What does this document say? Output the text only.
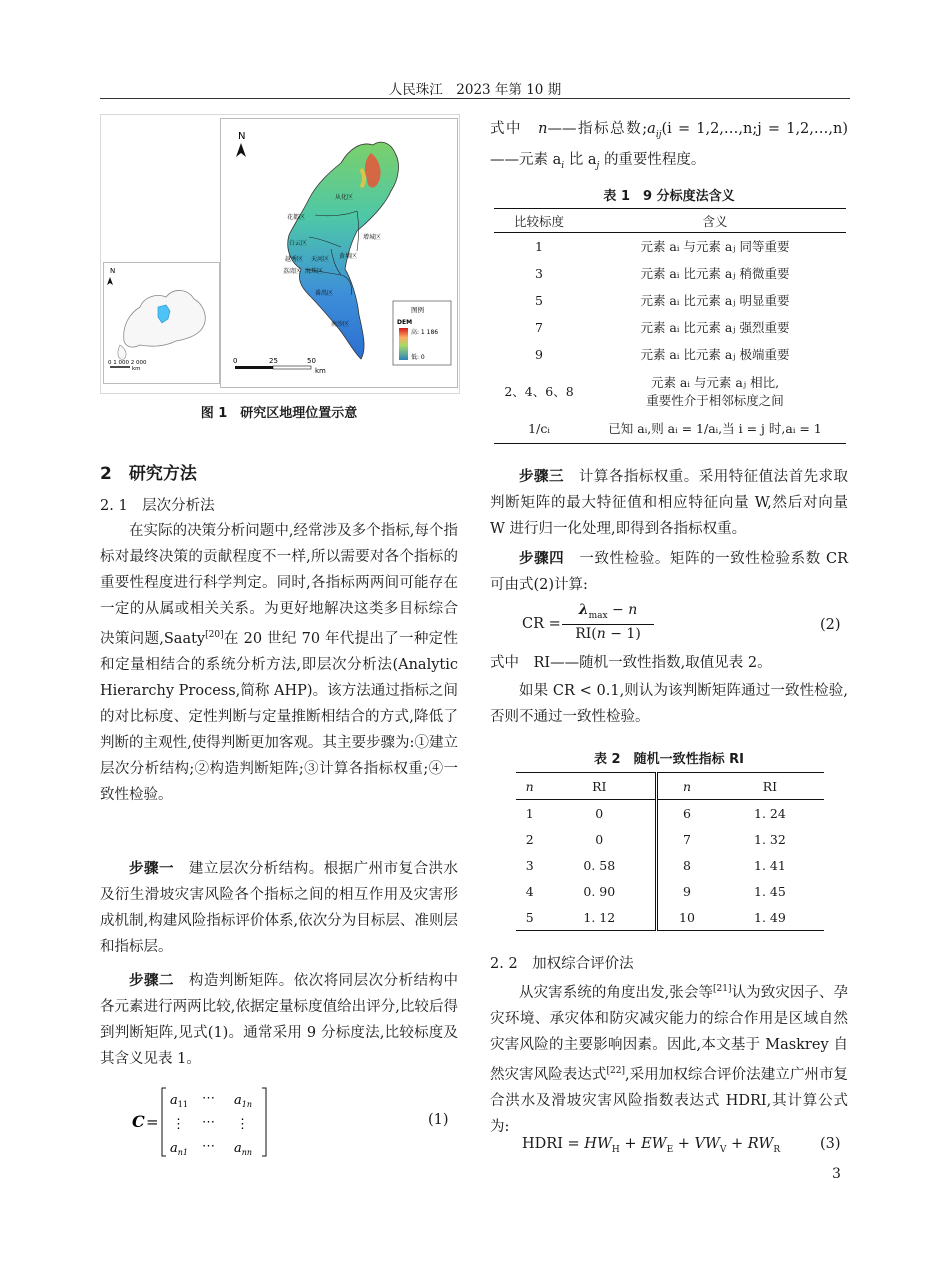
人民珠江　2023 年第 10 期
N
0 1 000 2 000
km
N
从化区
花都区
增城区
白云区
黄埔区
越秀区 天河区
荔湾区 海珠区
番禺区
南沙区
0	25	50
km
图例
DEM
高: 1 186
低: 0
图 1　研究区地理位置示意
2　研究方法
2. 1　层次分析法
在实际的决策分析问题中,经常涉及多个指标,每个指标对最终决策的贡献程度不一样,所以需要对各个指标的重要性程度进行科学判定。同时,各指标两两间可能存在一定的从属或相关关系。为更好地解决这类多目标综合决策问题,Saaty[20]在 20 世纪 70 年代提出了一种定性和定量相结合的系统分析方法,即层次分析法(Analytic Hierarchy Process,简称 AHP)。该方法通过指标之间的对比标度、定性判断与定量推断相结合的方式,降低了判断的主观性,使得判断更加客观。其主要步骤为:①建立层次分析结构;②构造判断矩阵;③计算各指标权重;④一致性检验。
步骤一　 建立层次分析结构。根据广州市复合洪水及衍生滑坡灾害风险各个指标之间的相互作用及灾害形成机制,构建风险指标评价体系,依次分为目标层、准则层和指标层。
步骤二　 构造判断矩阵。依次将同层次分析结构中各元素进行两两比较,依据定量标度值给出评分,比较后得到判断矩阵,见式(1)。通常采用 9 分标度法,比较标度及其含义见表 1。
C =
$a_{11}$ ⋯ $a_{1n}$
⋮ ⋯ ⋮
$a_{n1}$ ⋯ $a_{nn}$
(1)
式中　n——指标总数$;a_{ij}(i$ = 1,2,…,n;j = 1,2,…,n)——元素 $a_i$ 比 $a_j$ 的重要性程度。
表 1　9 分标度法含义
比较标度	含义
1	元素 aᵢ 与元素 aⱼ 同等重要
3	元素 aᵢ 比元素 aⱼ 稍微重要
5	元素 aᵢ 比元素 aⱼ 明显重要
7	元素 aᵢ 比元素 aⱼ 强烈重要
9	元素 aᵢ 比元素 aⱼ 极端重要
2、4、6、8	元素 aᵢ 与元素 aⱼ 相比,
重要性介于相邻标度之间

1/cᵢ	已知 aᵢ,则 aᵢ = 1/aᵢ,当 i = j 时,aᵢ = 1
步骤三　 计算各指标权重。采用特征值法首先求取判断矩阵的最大特征值和相应特征向量 W,然后对向量 W 进行归一化处理,即得到各指标权重。
步骤四　 一致性检验。矩阵的一致性检验系数 CR 可由式(2)计算:
CR =
$\lambda_{max} - n$
RI(n − 1)
(2)
式中　RI——随机一致性指数,取值见表 2。
如果 CR < 0.1,则认为该判断矩阵通过一致性检验,否则不通过一致性检验。
表 2　随机一致性指标 RI
n	RI	n	RI
1	0	6	1. 24
2	0	7	1. 32
3	0. 58	8	1. 41
4	0. 90	9	1. 45
5	1. 12	10	1. 49
2. 2　加权综合评价法
从灾害系统的角度出发,张会等[21]认为致灾因子、孕灾环境、承灾体和防灾减灾能力的综合作用是区域自然灾害风险的主要影响因素。因此,本文基于 Maskrey 自然灾害风险表达式[22],采用加权综合评价法建立广州市复合洪水及滑坡灾害风险指数表达式 HDRI,其计算公式为:
HDRI = $HW_H + EW_E + VW_V + RW_R$	(3)
3
